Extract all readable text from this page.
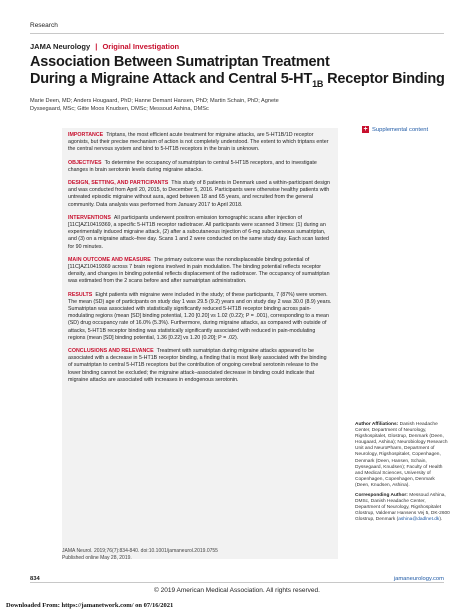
Research
JAMA Neurology | Original Investigation
Association Between Sumatriptan Treatment
During a Migraine Attack and Central $5-HT_{1B}$ Receptor Binding
Marie Deen, MD; Anders Hougaard, PhD; Hanne Demant Hansen, PhD; Martin Schain, PhD; Agnete Dyssegaard, MSc; Gitte Moos Knudsen, DMSc; Messoud Ashina, DMSc
+ Supplemental content

IMPORTANCE Triptans, the most efficient acute treatment for migraine attacks, are 5-HT1B/1D receptor agonists, but their precise mechanism of action is not completely understood. The extent to which triptans enter the central nervous system and bind to 5-HT1B receptors in the brain is unknown.

OBJECTIVES To determine the occupancy of sumatriptan to central 5-HT1B receptors, and to investigate changes in brain serotonin levels during migraine attacks.

DESIGN, SETTING, AND PARTICIPANTS This study of 8 patients in Denmark used a within-participant design and was conducted from April 20, 2015, to December 5, 2016. Participants were otherwise healthy patients with untreated episodic migraine without aura, aged between 18 and 65 years, and recruited from the general community. Data analysis was performed from January 2017 to April 2018.

INTERVENTIONS All participants underwent positron emission tomographic scans after injection of [11C]AZ10419369, a specific 5-HT1B receptor radiotracer. All participants were scanned 3 times: (1) during an experimentally induced migraine attack, (2) after a subcutaneous injection of 6-mg subcutaneous sumatriptan, and (3) on a migraine attack–free day. Scans 1 and 2 were conducted on the same study day. Each scan lasted for 90 minutes.

MAIN OUTCOME AND MEASURE The primary outcome was the nondisplaceable binding potential of [11C]AZ10419369 across 7 brain regions involved in pain modulation. The binding potential reflects receptor density, and changes in binding potential reflects displacement of the radiotracer. The occupancy of sumatriptan was estimated from the 2 scans before and after sumatriptan administration.

RESULTS Eight patients with migraine were included in the study; of these participants, 7 (87%) were women. The mean (SD) age of participants on study day 1 was 29.5 (9.2) years and on study day 2 was 30.0 (8.9) years. Sumatriptan was associated with statistically significantly reduced 5-HT1B receptor binding across pain-modulating regions (mean [SD] binding potential, 1.20 [0.20] vs 1.02 (0.22); P = .001), corresponding to a mean (SD) drug occupancy rate of 16.0% (5.3%). Furthermore, during migraine attacks, as compared with outside of attacks, 5-HT1B receptor binding was statistically significantly associated with reduced in pain-modulating regions (mean [SD] binding potential, 1.36 [0.22] vs 1.20 (0.20]; P = .02).

CONCLUSIONS AND RELEVANCE Treatment with sumatriptan during migraine attacks appeared to be associated with a decrease in 5-HT1B receptor binding, a finding that is most likely associated with the binding of sumatriptan to central 5-HT1B receptors but the contribution of ongoing cerebral serotonin release to the lower binding cannot be excluded; the migraine attack–associated decrease in binding could indicate that migraine attacks are associated with increases in endogenous serotonin.

JAMA Neurol. 2019;76(7):834-840. doi:10.1001/jamaneurol.2019.0755
Published online May 28, 2019.
Author Affiliations: Danish Headache Center, Department of Neurology, Rigshospitalet, Glostrup, Denmark (Deen, Hougaard, Ashina); Neurobiology Research Unit and NeuroPharm, Department of Neurology, Rigshospitalet, Copenhagen, Denmark (Deen, Hansen, Schain, Dyssegaard, Knudsen); Faculty of Health and Medical Sciences, University of Copenhagen, Copenhagen, Denmark (Deen, Knudsen, Ashina).
Corresponding Author: Messoud Ashina, DMSc, Danish Headache Center, Department of Neurology, Rigshospitalet Glostrup, Valdemar Hansens Vej 5, DK-2600 Glostrup, Denmark (ashina@dadlnet.dk).
834	jamaneurology.com
© 2019 American Medical Association. All rights reserved.
Downloaded From: https://jamanetwork.com/ on 07/16/2021
